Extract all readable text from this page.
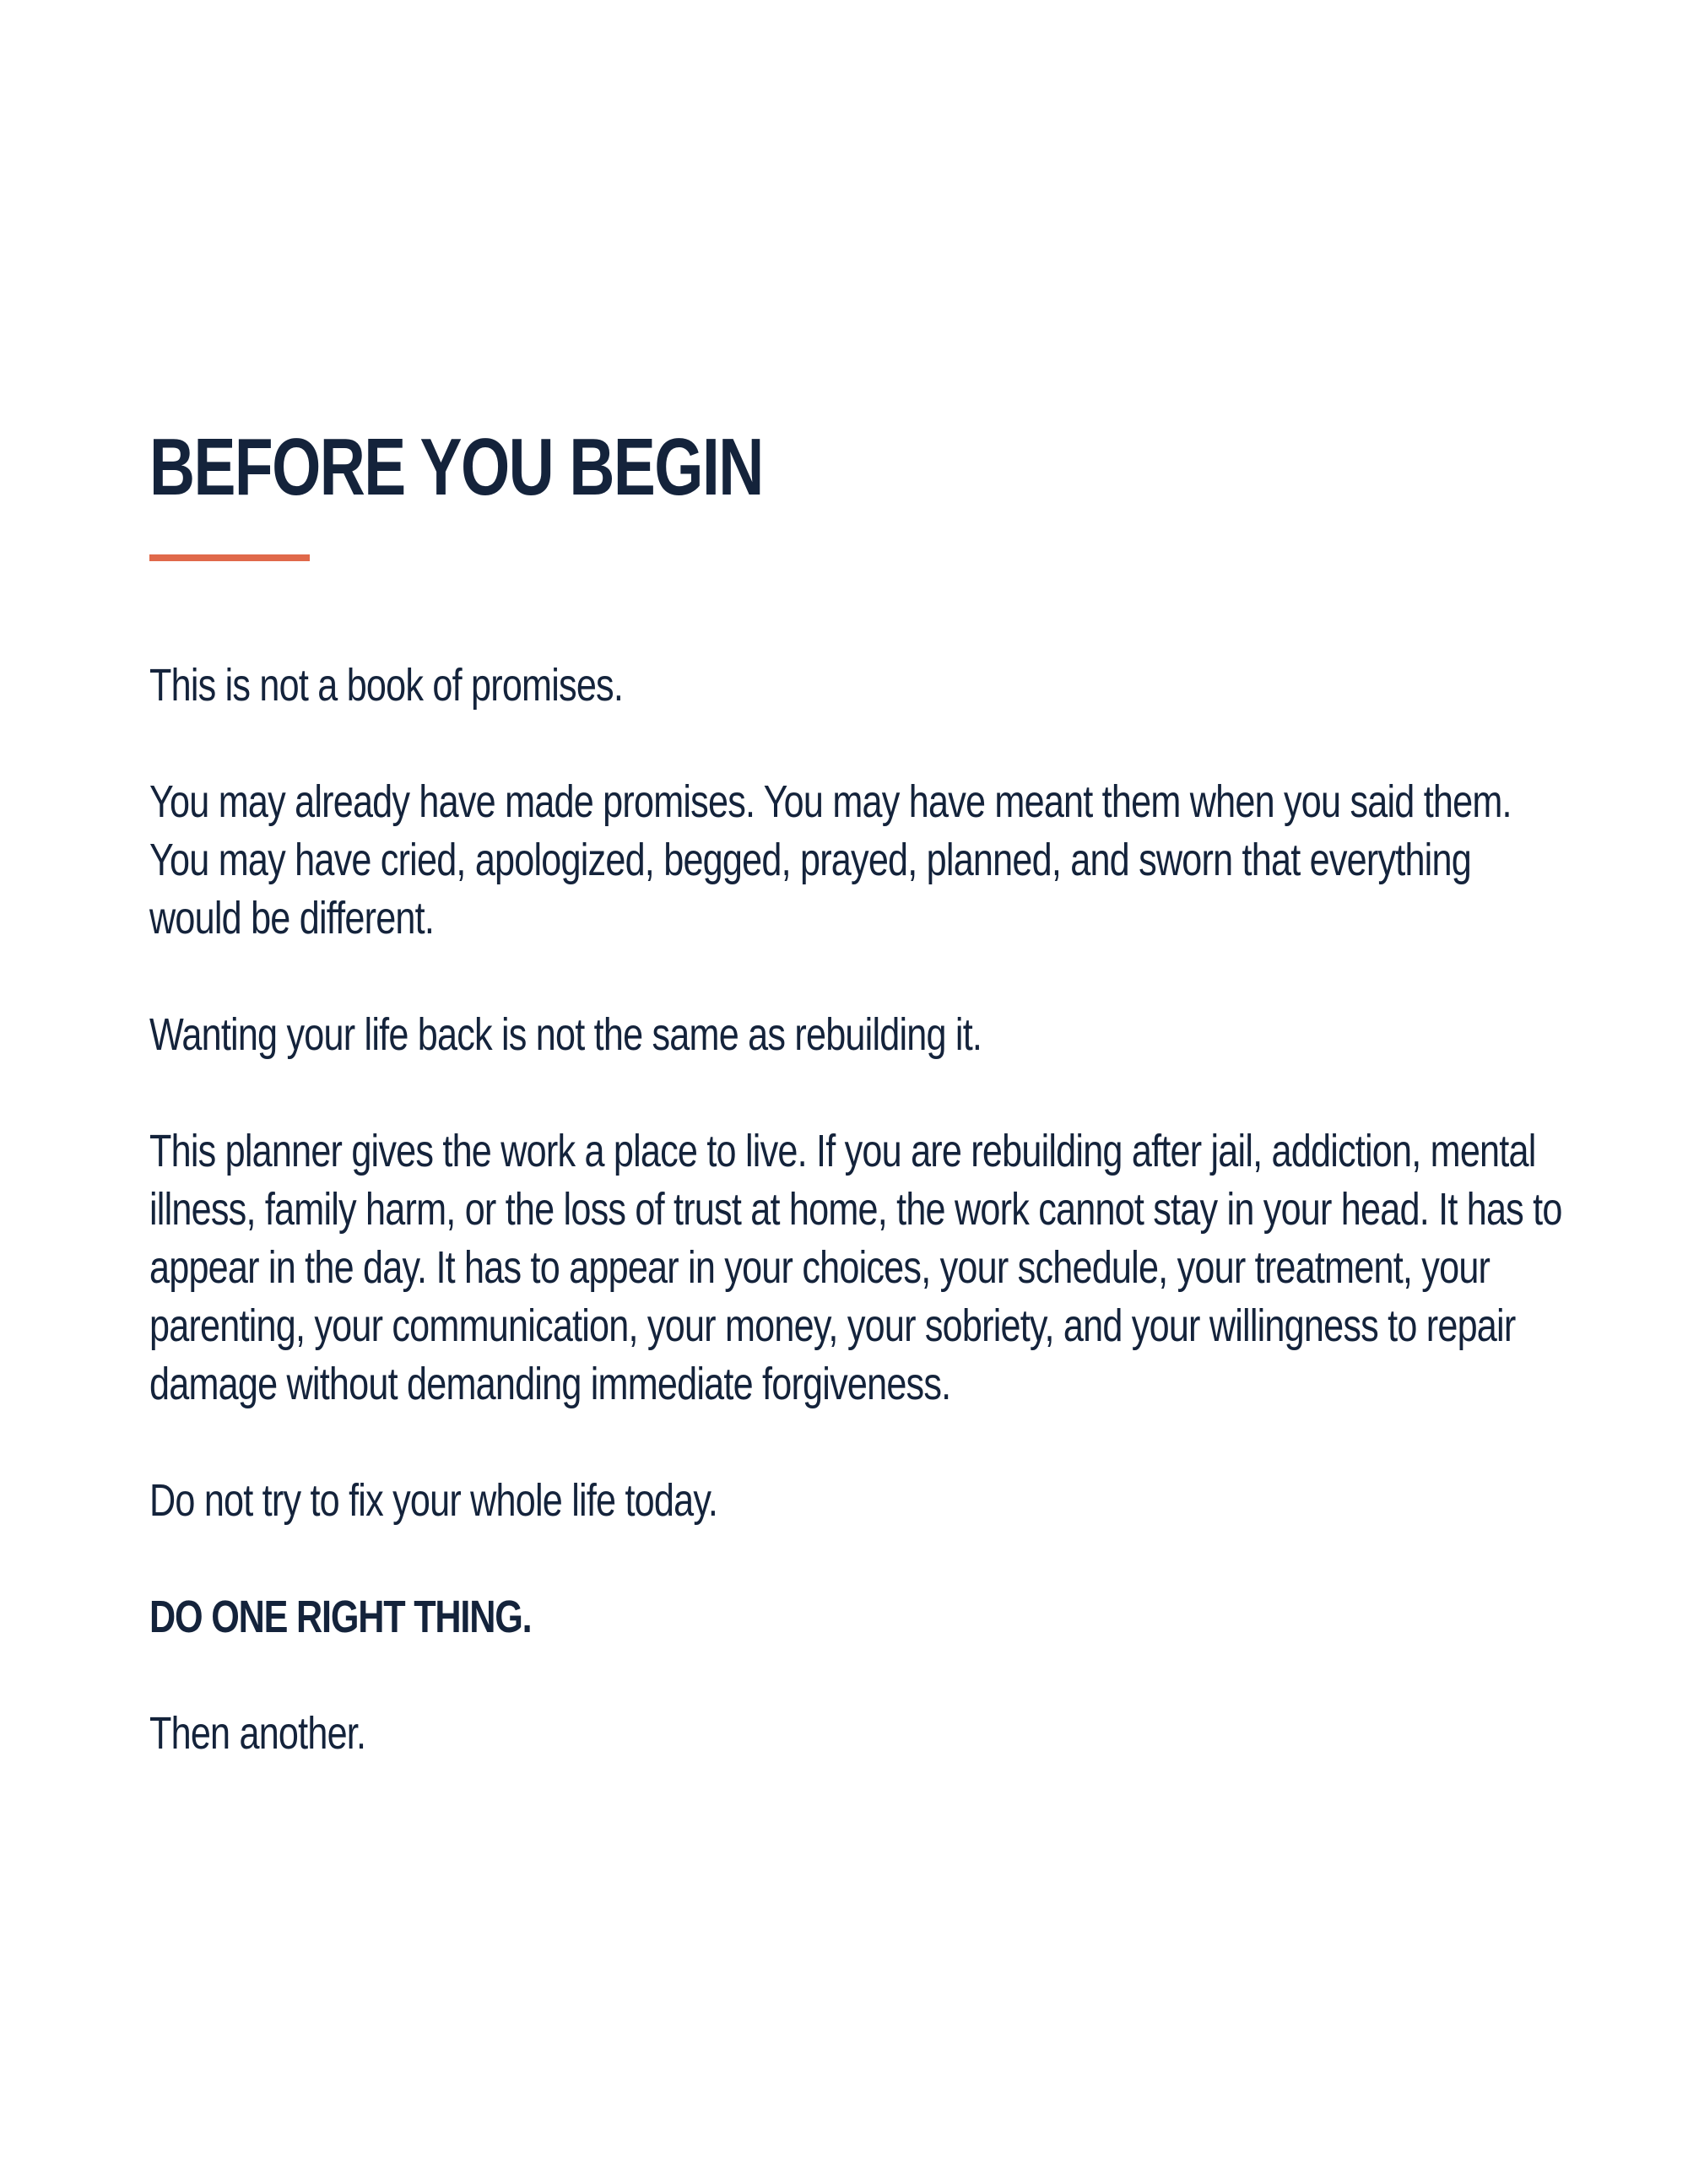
BEFORE YOU BEGIN

This is not a book of promises.

You may already have made promises. You may have meant them when you said them. You may have cried, apologized, begged, prayed, planned, and sworn that everything would be different.

Wanting your life back is not the same as rebuilding it.

This planner gives the work a place to live. If you are rebuilding after jail, addiction, mental illness, family harm, or the loss of trust at home, the work cannot stay in your head. It has to appear in the day. It has to appear in your choices, your schedule, your treatment, your parenting, your communication, your money, your sobriety, and your willingness to repair damage without demanding immediate forgiveness.

Do not try to fix your whole life today.

DO ONE RIGHT THING.

Then another.
